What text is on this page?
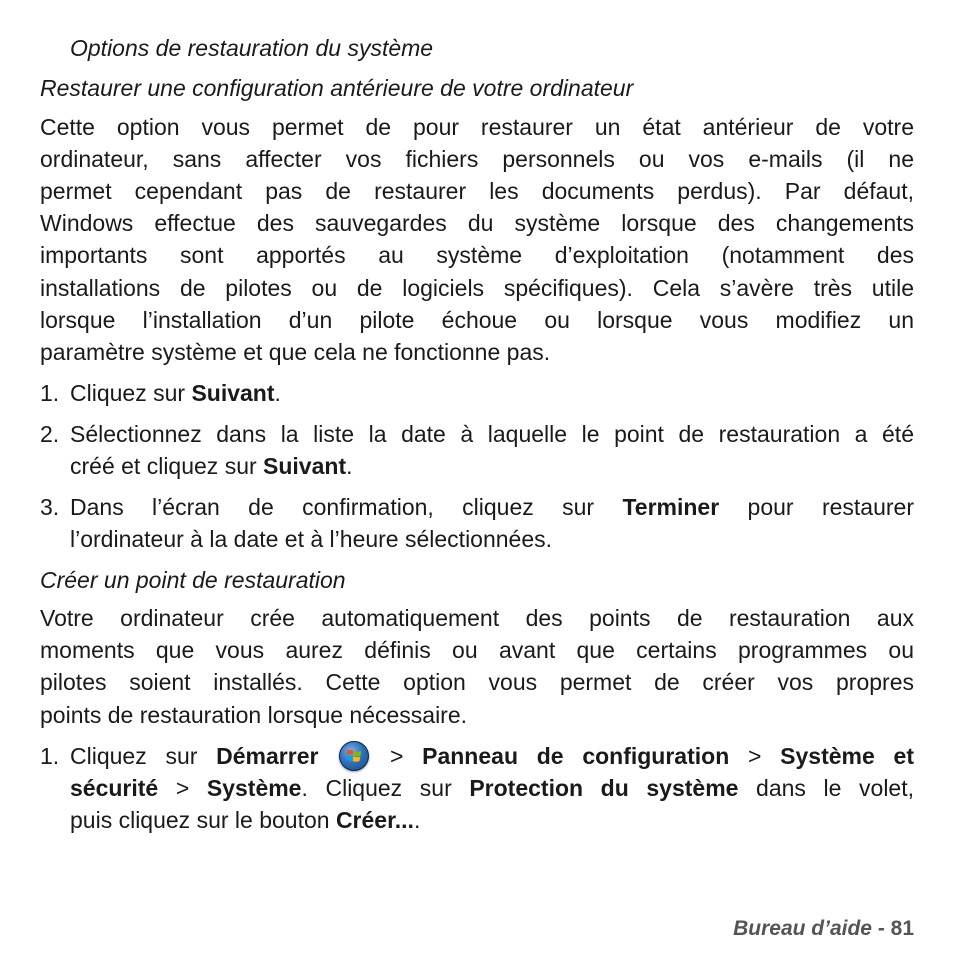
Options de restauration du système
Restaurer une configuration antérieure de votre ordinateur
Cette option vous permet de pour restaurer un état antérieur de votre
ordinateur, sans affecter vos fichiers personnels ou vos e-mails (il ne
permet cependant pas de restaurer les documents perdus). Par défaut,
Windows effectue des sauvegardes du système lorsque des changements
importants sont apportés au système d’exploitation (notamment des
installations de pilotes ou de logiciels spécifiques). Cela s’avère très utile
lorsque l’installation d’un pilote échoue ou lorsque vous modifiez un
paramètre système et que cela ne fonctionne pas.
1. Cliquez sur Suivant.
2. Sélectionnez dans la liste la date à laquelle le point de restauration a été
créé et cliquez sur Suivant.
3. Dans l’écran de confirmation, cliquez sur Terminer pour restaurer
l’ordinateur à la date et à l’heure sélectionnées.
Créer un point de restauration
Votre ordinateur crée automatiquement des points de restauration aux
moments que vous aurez définis ou avant que certains programmes ou
pilotes soient installés. Cette option vous permet de créer vos propres
points de restauration lorsque nécessaire.
1. Cliquez sur Démarrer
> Panneau de configuration > Système et
sécurité > Système. Cliquez sur Protection du système dans le volet,
puis cliquez sur le bouton Créer....
Bureau d’aide - 81
